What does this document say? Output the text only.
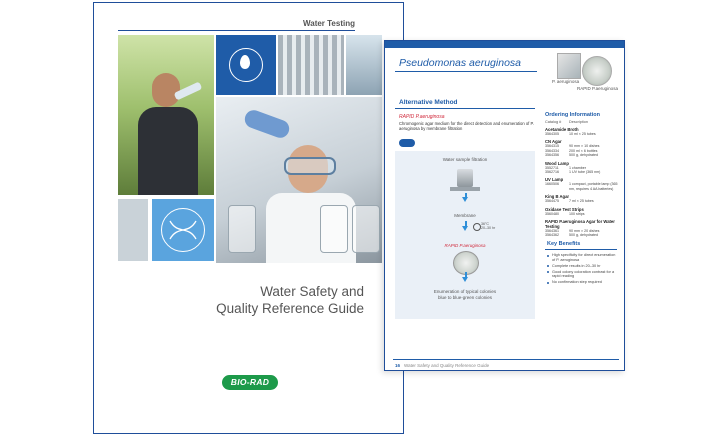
Water Testing
Water Safety and
Quality Reference Guide
BIO-RAD
Pseudomonas aeruginosa
P. aeruginosa
RAPID P.aeruginosa
Alternative Method
RAPID P.aeruginosa
Chromogenic agar medium for the direct detection and enumeration of P. aeruginosa by membrane filtration
Water sample filtration
Membrane
36°C
20–30 hr
RAPID P.aeruginosa
Enumeration of typical colonies
blue to blue-green colonies
Ordering Information
Catalog # Description
Acetamide Broth
3564305	10 ml × 25 tubes
CN Agar
3564315	90 mm × 10 dishes
3564334	200 ml × 6 bottles
3564356	500 g, dehydrated
Wood Lamp
3552711	1 chamber
3562716	1 UV tube (365 nm)
UV Lamp
1660506	1 compact, portable lamp (365 nm, requires 4 AA batteries)
King B Agar
3564475	7 ml × 25 tubes
Oxidase Test Strips
3560480	100 strips
RAPID P.aeruginosa Agar for Water Testing
3564361	90 mm × 20 dishes
3564362	500 g, dehydrated
Key Benefits
High specificity for direct enumeration of P. aeruginosa
Complete results in 20–30 hr
Good colony coloration contrast for a rapid reading
No confirmation step required
16 Water Safety and Quality Reference Guide
